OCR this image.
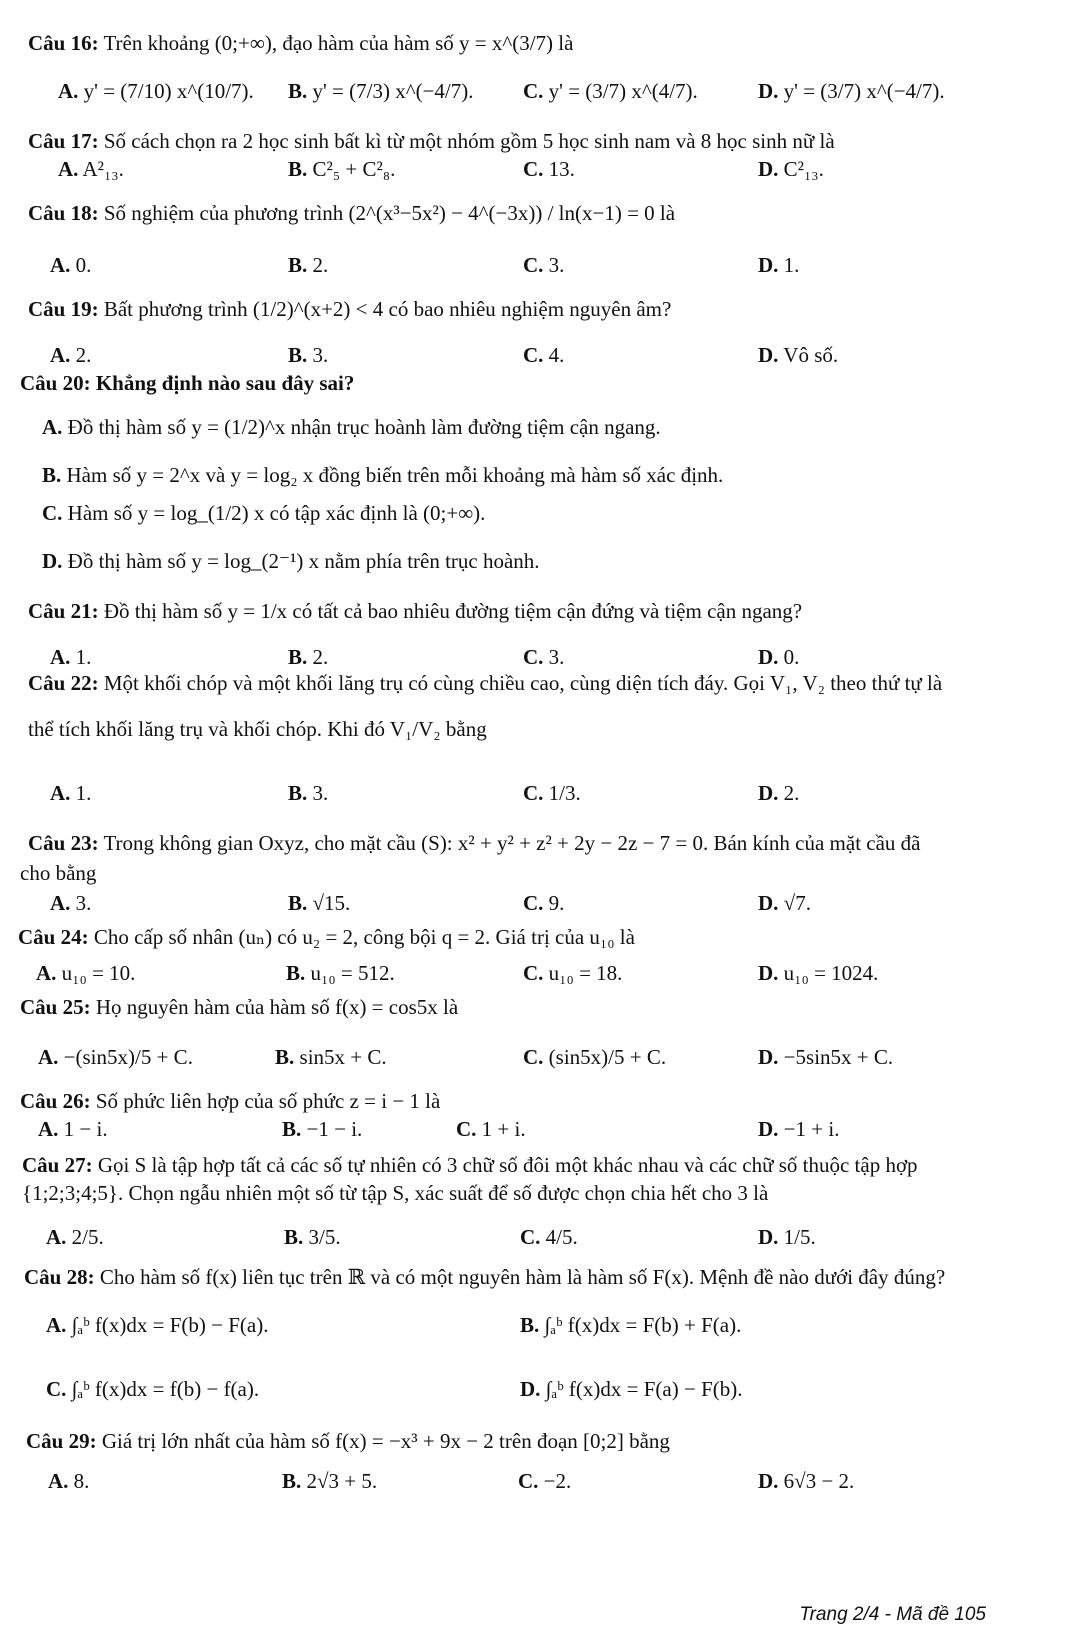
Câu 16: Trên khoảng (0;+∞), đạo hàm của hàm số y = x^(3/7) là
A. y' = (7/10) x^(10/7). B. y' = (7/3) x^(−4/7). C. y' = (3/7) x^(4/7).	D. y' = (3/7) x^(−4/7).
Câu 17: Số cách chọn ra 2 học sinh bất kì từ một nhóm gồm 5 học sinh nam và 8 học sinh nữ là
A. A²₁₃.	B. C²₅ + C²₈.	C. 13.	D. C²₁₃.
Câu 18: Số nghiệm của phương trình (2^(x³−5x²) − 4^(−3x)) / ln(x−1) = 0 là
A. 0.	B. 2.	C. 3.	D. 1.
Câu 19: Bất phương trình (1/2)^(x+2) < 4 có bao nhiêu nghiệm nguyên âm?
A. 2.	B. 3.	C. 4.	D. Vô số.
Câu 20: Khẳng định nào sau đây sai?
A. Đồ thị hàm số y = (1/2)^x nhận trục hoành làm đường tiệm cận ngang.
B. Hàm số y = 2^x và y = log₂ x đồng biến trên mỗi khoảng mà hàm số xác định.
C. Hàm số y = log_(1/2) x có tập xác định là (0;+∞).
D. Đồ thị hàm số y = log_(2⁻¹) x nằm phía trên trục hoành.
Câu 21: Đồ thị hàm số y = 1/x có tất cả bao nhiêu đường tiệm cận đứng và tiệm cận ngang?
A. 1.	B. 2.	C. 3.	D. 0.
Câu 22: Một khối chóp và một khối lăng trụ có cùng chiều cao, cùng diện tích đáy. Gọi V₁, V₂ theo thứ tự là
thể tích khối lăng trụ và khối chóp. Khi đó V₁/V₂ bằng
A. 1.	B. 3.	C. 1/3.	D. 2.
Câu 23: Trong không gian Oxyz, cho mặt cầu (S): x² + y² + z² + 2y − 2z − 7 = 0. Bán kính của mặt cầu đã
cho bằng
A. 3.	B. √15.	C. 9.	D. √7.
Câu 24: Cho cấp số nhân (uₙ) có u₂ = 2, công bội q = 2. Giá trị của u₁₀ là
A. u₁₀ = 10.	B. u₁₀ = 512.	C. u₁₀ = 18.	D. u₁₀ = 1024.
Câu 25: Họ nguyên hàm của hàm số f(x) = cos5x là
A. −(sin5x)/5 + C.	B. sin5x + C.	C. (sin5x)/5 + C.	D. −5sin5x + C.
Câu 26: Số phức liên hợp của số phức z = i − 1 là
A. 1 − i.	B. −1 − i.	C. 1 + i.	D. −1 + i.
Câu 27: Gọi S là tập hợp tất cả các số tự nhiên có 3 chữ số đôi một khác nhau và các chữ số thuộc tập hợp
{1;2;3;4;5}. Chọn ngẫu nhiên một số từ tập S, xác suất để số được chọn chia hết cho 3 là
A. 2/5.	B. 3/5.	C. 4/5.	D. 1/5.
Câu 28: Cho hàm số f(x) liên tục trên ℝ và có một nguyên hàm là hàm số F(x). Mệnh đề nào dưới đây đúng?
A. ∫ₐᵇ f(x)dx = F(b) − F(a).	B. ∫ₐᵇ f(x)dx = F(b) + F(a).
C. ∫ₐᵇ f(x)dx = f(b) − f(a).	D. ∫ₐᵇ f(x)dx = F(a) − F(b).
Câu 29: Giá trị lớn nhất của hàm số f(x) = −x³ + 9x − 2 trên đoạn [0;2] bằng
A. 8.	B. 2√3 + 5.	C. −2.	D. 6√3 − 2.
Trang 2/4 - Mã đề 105
